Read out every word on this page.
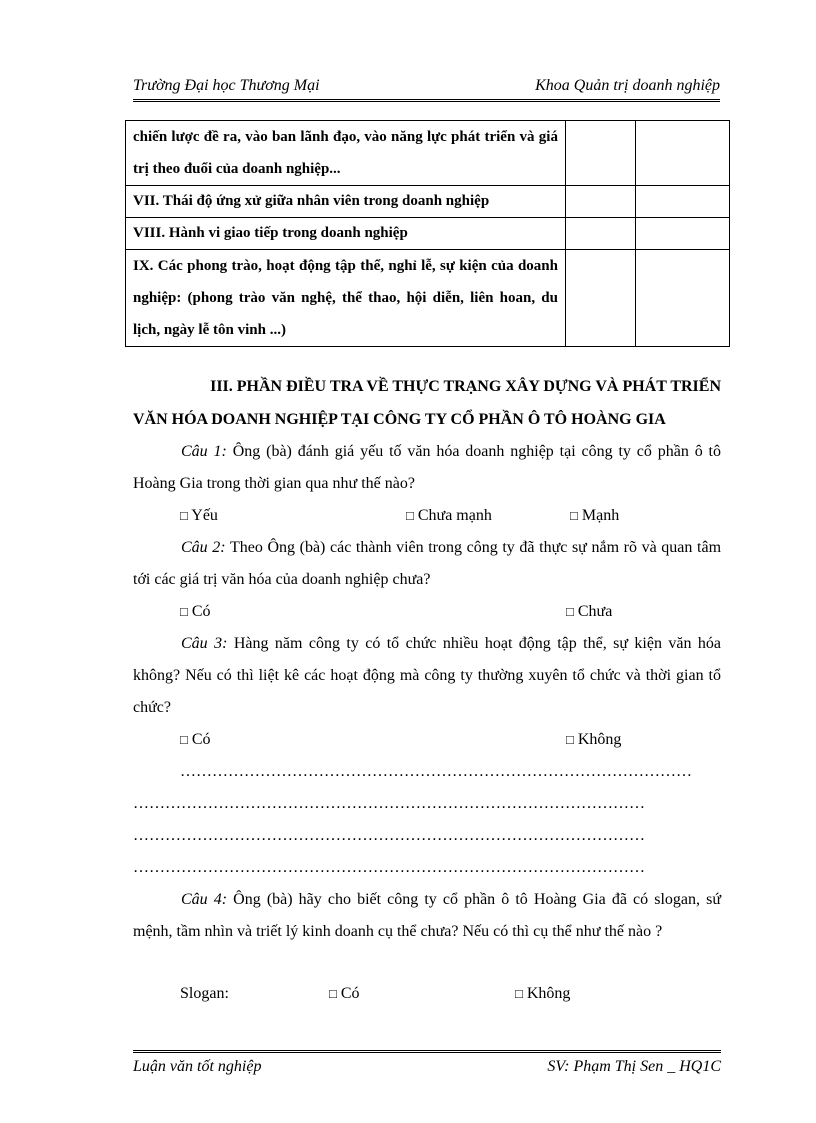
Trường Đại học Thương Mại	Khoa Quản trị doanh nghiệp
chiến lược đề ra, vào ban lãnh đạo, vào năng lực phát triển và giá trị theo đuổi của doanh nghiệp...		
VII. Thái độ ứng xử giữa nhân viên trong doanh nghiệp		
VIII. Hành vi giao tiếp trong doanh nghiệp		
IX. Các phong trào, hoạt động tập thể, nghỉ lễ, sự kiện của doanh nghiệp: (phong trào văn nghệ, thể thao, hội diễn, liên hoan, du lịch, ngày lễ tôn vinh ...)		
III. PHẦN ĐIỀU TRA VỀ THỰC TRẠNG XÂY DỰNG VÀ PHÁT TRIỂN
VĂN HÓA DOANH NGHIỆP TẠI CÔNG TY CỔ PHẦN Ô TÔ HOÀNG GIA
Câu 1: Ông (bà) đánh giá yếu tố văn hóa doanh nghiệp tại công ty cổ phần ô tô Hoàng Gia trong thời gian qua như thế nào?
□ Yếu	□ Chưa mạnh	□ Mạnh
Câu 2: Theo Ông (bà) các thành viên trong công ty đã thực sự nắm rõ và quan tâm tới các giá trị văn hóa của doanh nghiệp chưa?
□ Có	□ Chưa
Câu 3: Hàng năm công ty có tổ chức nhiều hoạt động tập thể, sự kiện văn hóa không? Nếu có thì liệt kê các hoạt động mà công ty thường xuyên tổ chức và thời gian tổ chức?
□ Có	□ Không
……………………………………………………………………………………
……………………………………………………………………………………
……………………………………………………………………………………
……………………………………………………………………………………
Câu 4: Ông (bà) hãy cho biết công ty cổ phần ô tô Hoàng Gia đã có slogan, sứ mệnh, tầm nhìn và triết lý kinh doanh cụ thể chưa? Nếu có thì cụ thể như thế nào ?
Slogan:	□ Có	□ Không
Luận văn tốt nghiệp	SV: Phạm Thị Sen _ HQ1C
